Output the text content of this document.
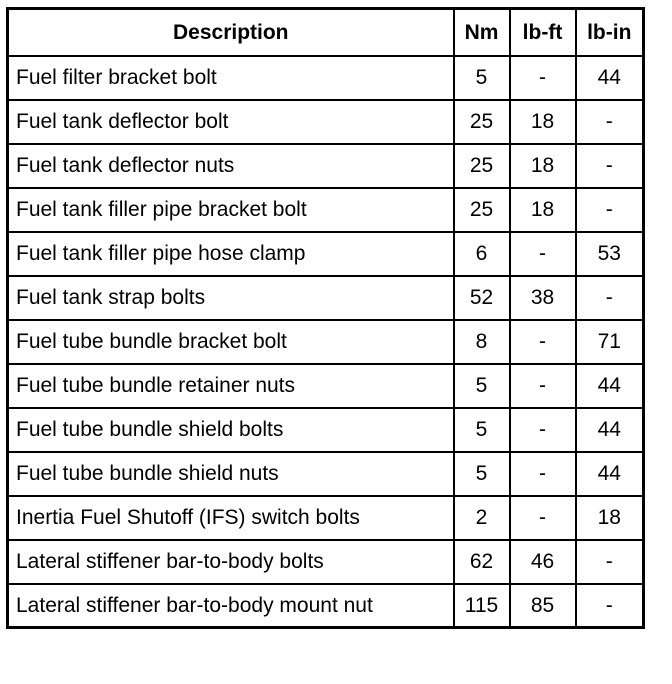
Description	Nm	lb-ft	lb-in
Fuel filter bracket bolt	5	-	44
Fuel tank deflector bolt	25	18	-
Fuel tank deflector nuts	25	18	-
Fuel tank filler pipe bracket bolt	25	18	-
Fuel tank filler pipe hose clamp	6	-	53
Fuel tank strap bolts	52	38	-
Fuel tube bundle bracket bolt	8	-	71
Fuel tube bundle retainer nuts	5	-	44
Fuel tube bundle shield bolts	5	-	44
Fuel tube bundle shield nuts	5	-	44
Inertia Fuel Shutoff (IFS) switch bolts	2	-	18
Lateral stiffener bar-to-body bolts	62	46	-
Lateral stiffener bar-to-body mount nut	115	85	-
